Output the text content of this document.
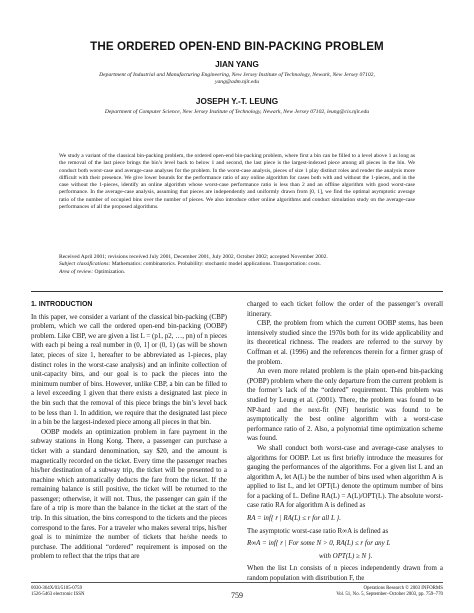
THE ORDERED OPEN-END BIN-PACKING PROBLEM
JIAN YANG
Department of Industrial and Manufacturing Engineering, New Jersey Institute of Technology, Newark, New Jersey 07102,
yang@adm.njit.edu
JOSEPH Y.-T. LEUNG
Department of Computer Science, New Jersey Institute of Technology, Newark, New Jersey 07102, leung@cis.njit.edu
We study a variant of the classical bin-packing problem, the ordered open-end bin-packing problem, where first a bin can be filled to a level above 1 as long as the removal of the last piece brings the bin’s level back to below 1 and second, the last piece is the largest-indexed piece among all pieces in the bin. We conduct both worst-case and average-case analyses for the problem. In the worst-case analysis, pieces of size 1 play distinct roles and render the analysis more difficult with their presence. We give lower bounds for the performance ratio of any online algorithm for cases both with and without the 1-pieces, and in the case without the 1-pieces, identify an online algorithm whose worst-case performance ratio is less than 2 and an offline algorithm with good worst-case performance. In the average-case analysis, assuming that pieces are independently and uniformly drawn from [0, 1], we find the optimal asymptotic average ratio of the number of occupied bins over the number of pieces. We also introduce other online algorithms and conduct simulation study on the average-case performances of all the proposed algorithms.
Received April 2001; revisions received July 2001, December 2001, July 2002, October 2002; accepted November 2002.
Subject classifications: Mathematics: combinatorics. Probability: stochastic model applications. Transportation: costs.
Area of review: Optimization.
1. INTRODUCTION

In this paper, we consider a variant of the classical bin-packing (CBP) problem, which we call the ordered open-end bin-packing (OOBP) problem. Like CBP, we are given a list L = (p1, p2, …, pn) of n pieces with each pi being a real number in (0, 1] or (0, 1) (as will be shown later, pieces of size 1, hereafter to be abbreviated as 1-pieces, play distinct roles in the worst-case analysis) and an infinite collection of unit-capacity bins, and our goal is to pack the pieces into the minimum number of bins. However, unlike CBP, a bin can be filled to a level exceeding 1 given that there exists a designated last piece in the bin such that the removal of this piece brings the bin’s level back to be less than 1. In addition, we require that the designated last piece in a bin be the largest-indexed piece among all pieces in that bin.

OOBP models an optimization problem in fare payment in the subway stations in Hong Kong. There, a passenger can purchase a ticket with a standard denomination, say $20, and the amount is magnetically recorded on the ticket. Every time the passenger reaches his/her destination of a subway trip, the ticket will be presented to a machine which automatically deducts the fare from the ticket. If the remaining balance is still positive, the ticket will be returned to the passenger; otherwise, it will not. Thus, the passenger can gain if the fare of a trip is more than the balance in the ticket at the start of the trip. In this situation, the bins correspond to the tickets and the pieces correspond to the fares. For a traveler who makes several trips, his/her goal is to minimize the number of tickets that he/she needs to purchase. The additional “ordered” requirement is imposed on the problem to reflect that the trips that are

charged to each ticket follow the order of the passenger’s overall itinerary.

CBP, the problem from which the current OOBP stems, has been intensively studied since the 1970s both for its wide applicability and its theoretical richness. The readers are referred to the survey by Coffman et al. (1996) and the references therein for a firmer grasp of the problem.

An even more related problem is the plain open-end bin-packing (POBP) problem where the only departure from the current problem is the former’s lack of the “ordered” requirement. This problem was studied by Leung et al. (2001). There, the problem was found to be NP-hard and the next-fit (NF) heuristic was found to be asymptotically the best online algorithm with a worst-case performance ratio of 2. Also, a polynomial time optimization scheme was found.

We shall conduct both worst-case and average-case analyses to algorithms for OOBP. Let us first briefly introduce the measures for gauging the performances of the algorithms. For a given list L and an algorithm A, let A(L) be the number of bins used when algorithm A is applied to list L, and let OPT(L) denote the optimum number of bins for a packing of L. Define RA(L) = A(L)/OPT(L). The absolute worst-case ratio RA for algorithm A is defined as

RA = inf{ r | RA(L) ≤ r for all L }.

The asymptotic worst-case ratio R∞A is defined as

R∞A = inf{ r | For some N > 0, RA(L) ≤ r for any L
with OPT(L) ≥ N }.

When the list Ln consists of n pieces independently drawn from a random population with distribution F, the

0030-364X/03/5105-0759
1526-5463 electronic ISSN	759
Operations Research © 2003 INFORMS
Vol. 51, No. 5, September–October 2003, pp. 759–770
